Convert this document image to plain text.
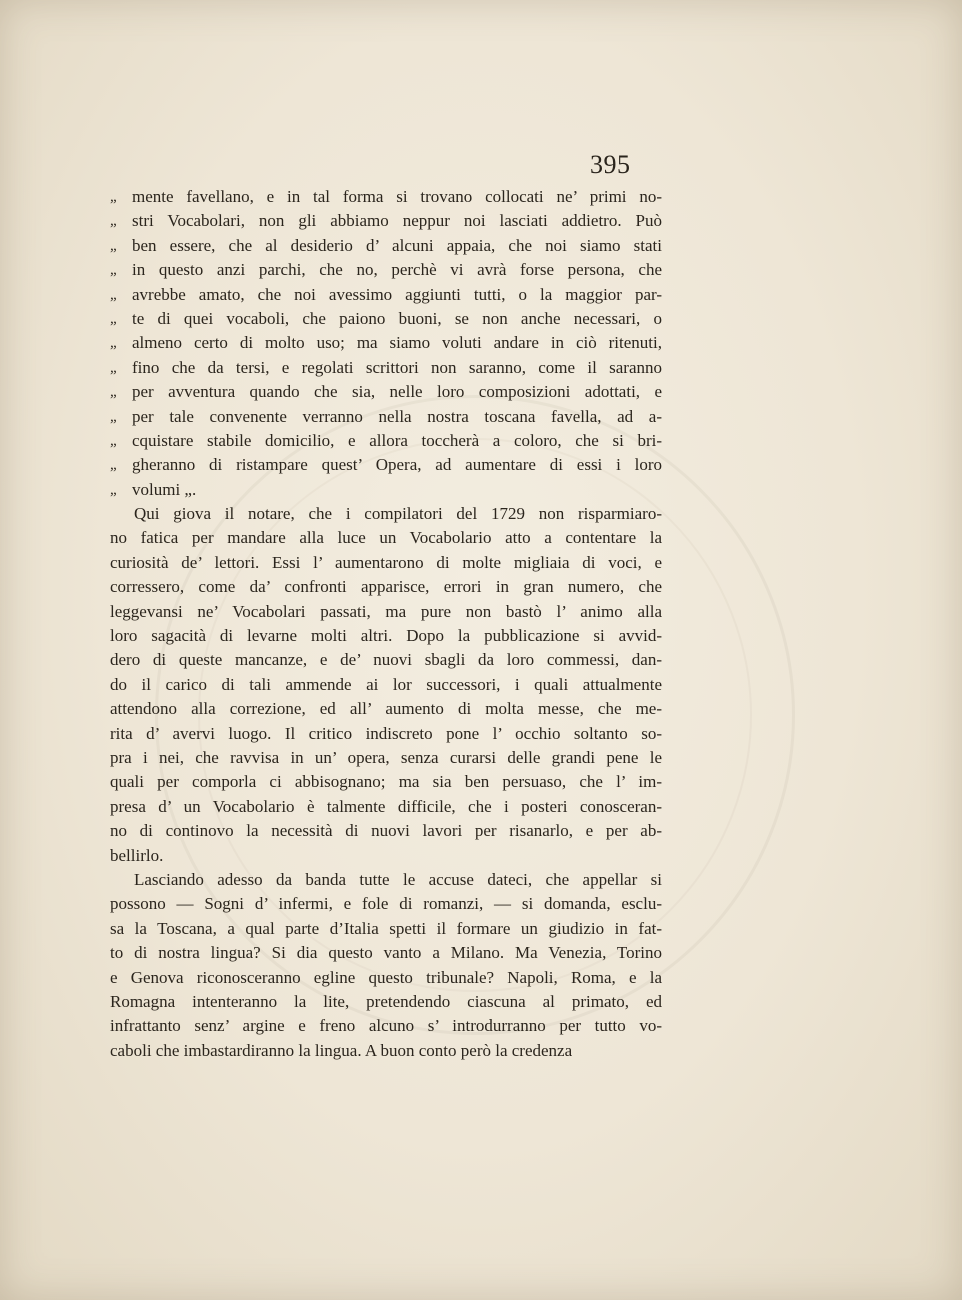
395
„ mente favellano, e in tal forma si trovano collocati ne’ primi no-
„ stri Vocabolari, non gli abbiamo neppur noi lasciati addietro. Può
„ ben essere, che al desiderio d’ alcuni appaia, che noi siamo stati
„ in questo anzi parchi, che no, perchè vi avrà forse persona, che
„ avrebbe amato, che noi avessimo aggiunti tutti, o la maggior par-
„ te di quei vocaboli, che paiono buoni, se non anche necessari, o
„ almeno certo di molto uso; ma siamo voluti andare in ciò ritenuti,
„ fino che da tersi, e regolati scrittori non saranno, come il saranno
„ per avventura quando che sia, nelle loro composizioni adottati, e
„ per tale convenente verranno nella nostra toscana favella, ad a-
„ cquistare stabile domicilio, e allora toccherà a coloro, che si bri-
„ gheranno di ristampare quest’ Opera, ad aumentare di essi i loro
„ volumi „.
Qui giova il notare, che i compilatori del 1729 non risparmiaro-
no fatica per mandare alla luce un Vocabolario atto a contentare la
curiosità de’ lettori. Essi l’ aumentarono di molte migliaia di voci, e
corressero, come da’ confronti apparisce, errori in gran numero, che
leggevansi ne’ Vocabolari passati, ma pure non bastò l’ animo alla
loro sagacità di levarne molti altri. Dopo la pubblicazione si avvid-
dero di queste mancanze, e de’ nuovi sbagli da loro commessi, dan-
do il carico di tali ammende ai lor successori, i quali attualmente
attendono alla correzione, ed all’ aumento di molta messe, che me-
rita d’ avervi luogo. Il critico indiscreto pone l’ occhio soltanto so-
pra i nei, che ravvisa in un’ opera, senza curarsi delle grandi pene le
quali per comporla ci abbisognano; ma sia ben persuaso, che l’ im-
presa d’ un Vocabolario è talmente difficile, che i posteri conosceran-
no di continovo la necessità di nuovi lavori per risanarlo, e per ab-
bellirlo.
Lasciando adesso da banda tutte le accuse dateci, che appellar si
possono — Sogni d’ infermi, e fole di romanzi, — si domanda, esclu-
sa la Toscana, a qual parte d’Italia spetti il formare un giudizio in fat-
to di nostra lingua? Si dia questo vanto a Milano. Ma Venezia, Torino
e Genova riconosceranno egline questo tribunale? Napoli, Roma, e la
Romagna intenteranno la lite, pretendendo ciascuna al primato, ed
infrattanto senz’ argine e freno alcuno s’ introdurranno per tutto vo-
caboli che imbastardiranno la lingua. A buon conto però la credenza
